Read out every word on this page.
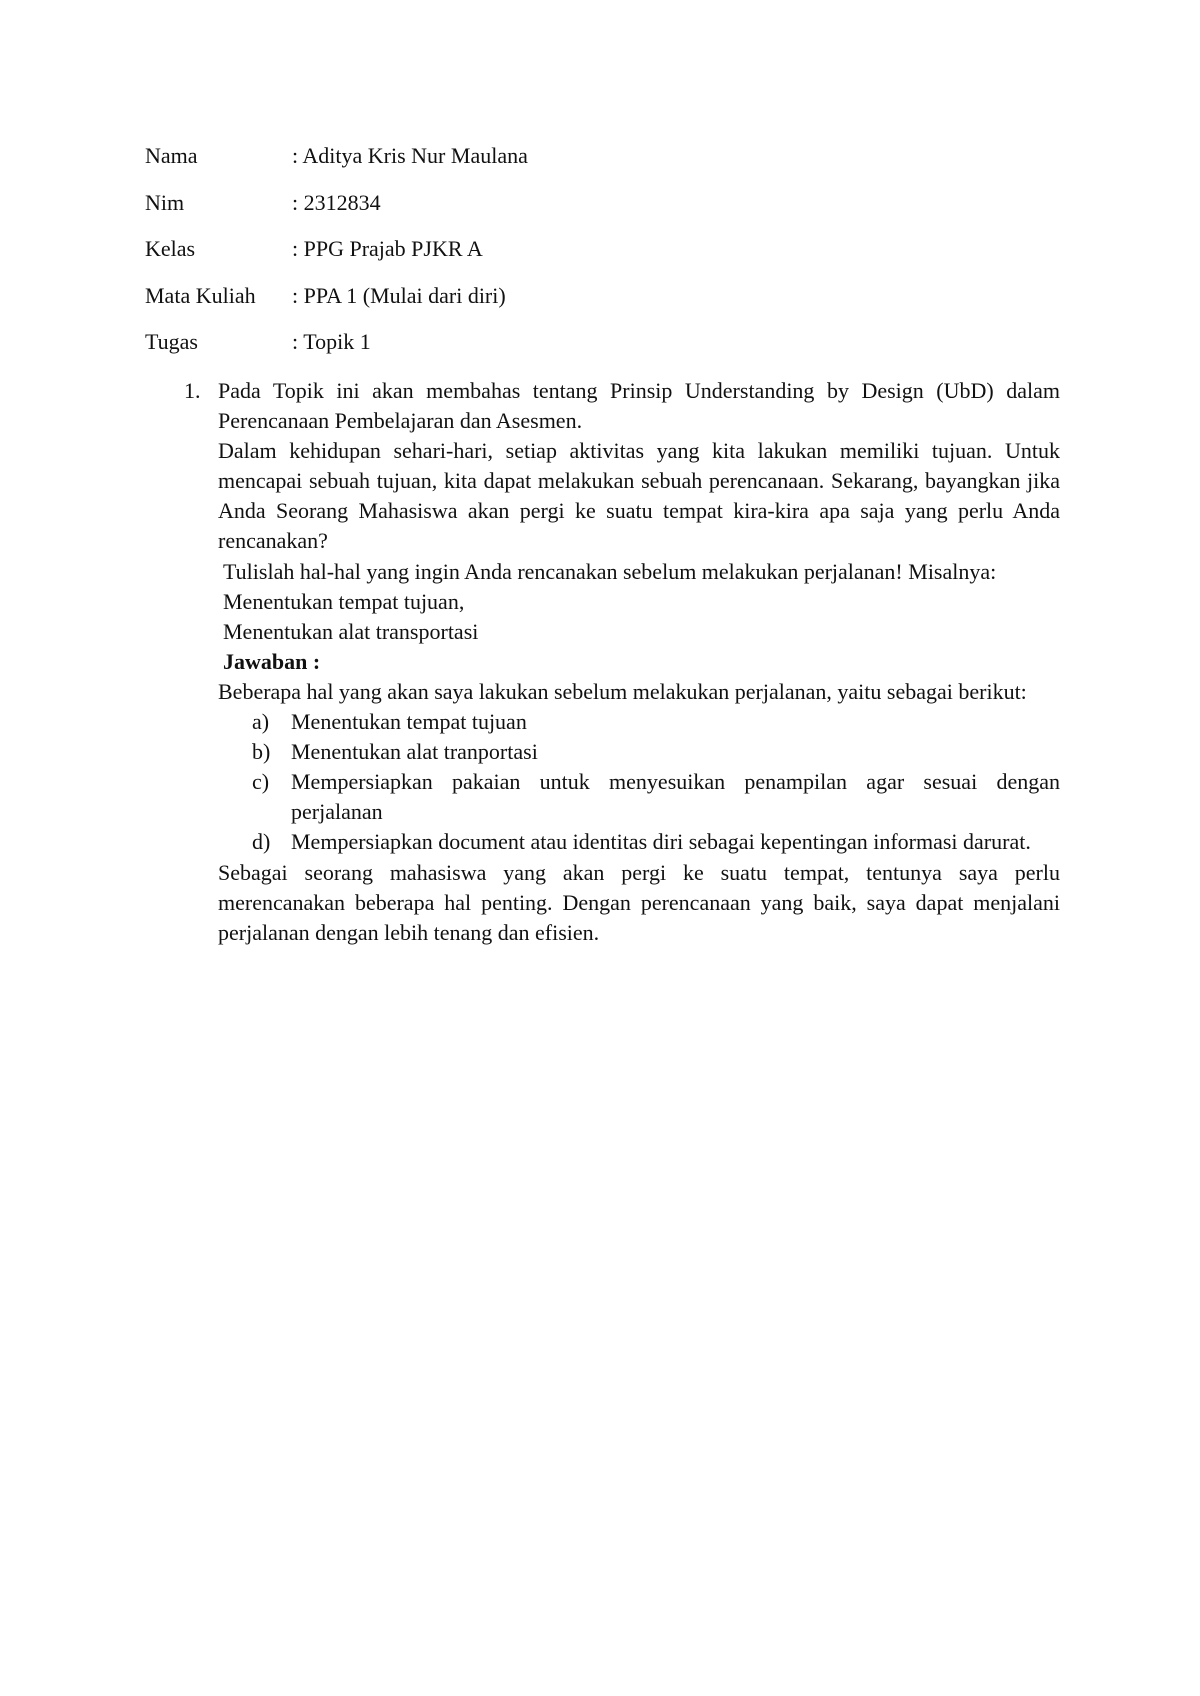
Nama	: Aditya Kris Nur Maulana
Nim	: 2312834
Kelas	: PPG Prajab PJKR A
Mata Kuliah	: PPA 1 (Mulai dari diri)
Tugas	: Topik 1
1. Pada Topik ini akan membahas tentang Prinsip Understanding by Design (UbD) dalam Perencanaan Pembelajaran dan Asesmen.

Dalam kehidupan sehari-hari, setiap aktivitas yang kita lakukan memiliki tujuan. Untuk mencapai sebuah tujuan, kita dapat melakukan sebuah perencanaan. Sekarang, bayangkan jika Anda Seorang Mahasiswa akan pergi ke suatu tempat kira-kira apa saja yang perlu Anda rencanakan?

Tulislah hal-hal yang ingin Anda rencanakan sebelum melakukan perjalanan! Misalnya:

Menentukan tempat tujuan,

Menentukan alat transportasi

Jawaban :

Beberapa hal yang akan saya lakukan sebelum melakukan perjalanan, yaitu sebagai berikut:

a) Menentukan tempat tujuan
b) Menentukan alat tranportasi
c) Mempersiapkan pakaian untuk menyesuikan penampilan agar sesuai dengan perjalanan
d) Mempersiapkan document atau identitas diri sebagai kepentingan informasi darurat.

Sebagai seorang mahasiswa yang akan pergi ke suatu tempat, tentunya saya perlu merencanakan beberapa hal penting. Dengan perencanaan yang baik, saya dapat menjalani perjalanan dengan lebih tenang dan efisien.
